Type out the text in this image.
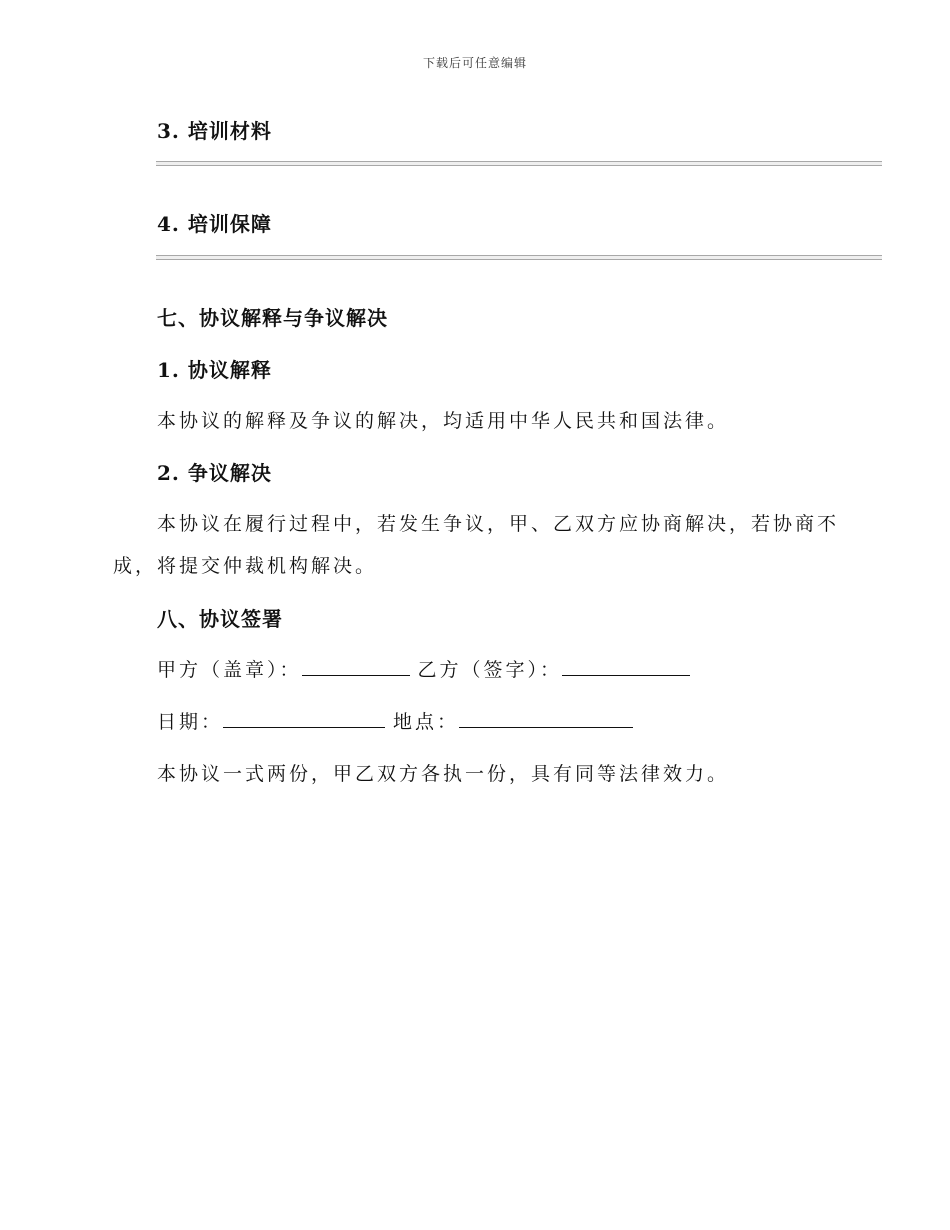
下载后可任意编辑
3. 培训材料
4. 培训保障
七、协议解释与争议解决
1. 协议解释
本协议的解释及争议的解决，均适用中华人民共和国法律。
2. 争议解决
本协议在履行过程中，若发生争议，甲、乙双方应协商解决，若协商不
成，将提交仲裁机构解决。
八、协议签署
甲方（盖章）：	乙方（签字）：
日期：	地点：
本协议一式两份，甲乙双方各执一份，具有同等法律效力。
